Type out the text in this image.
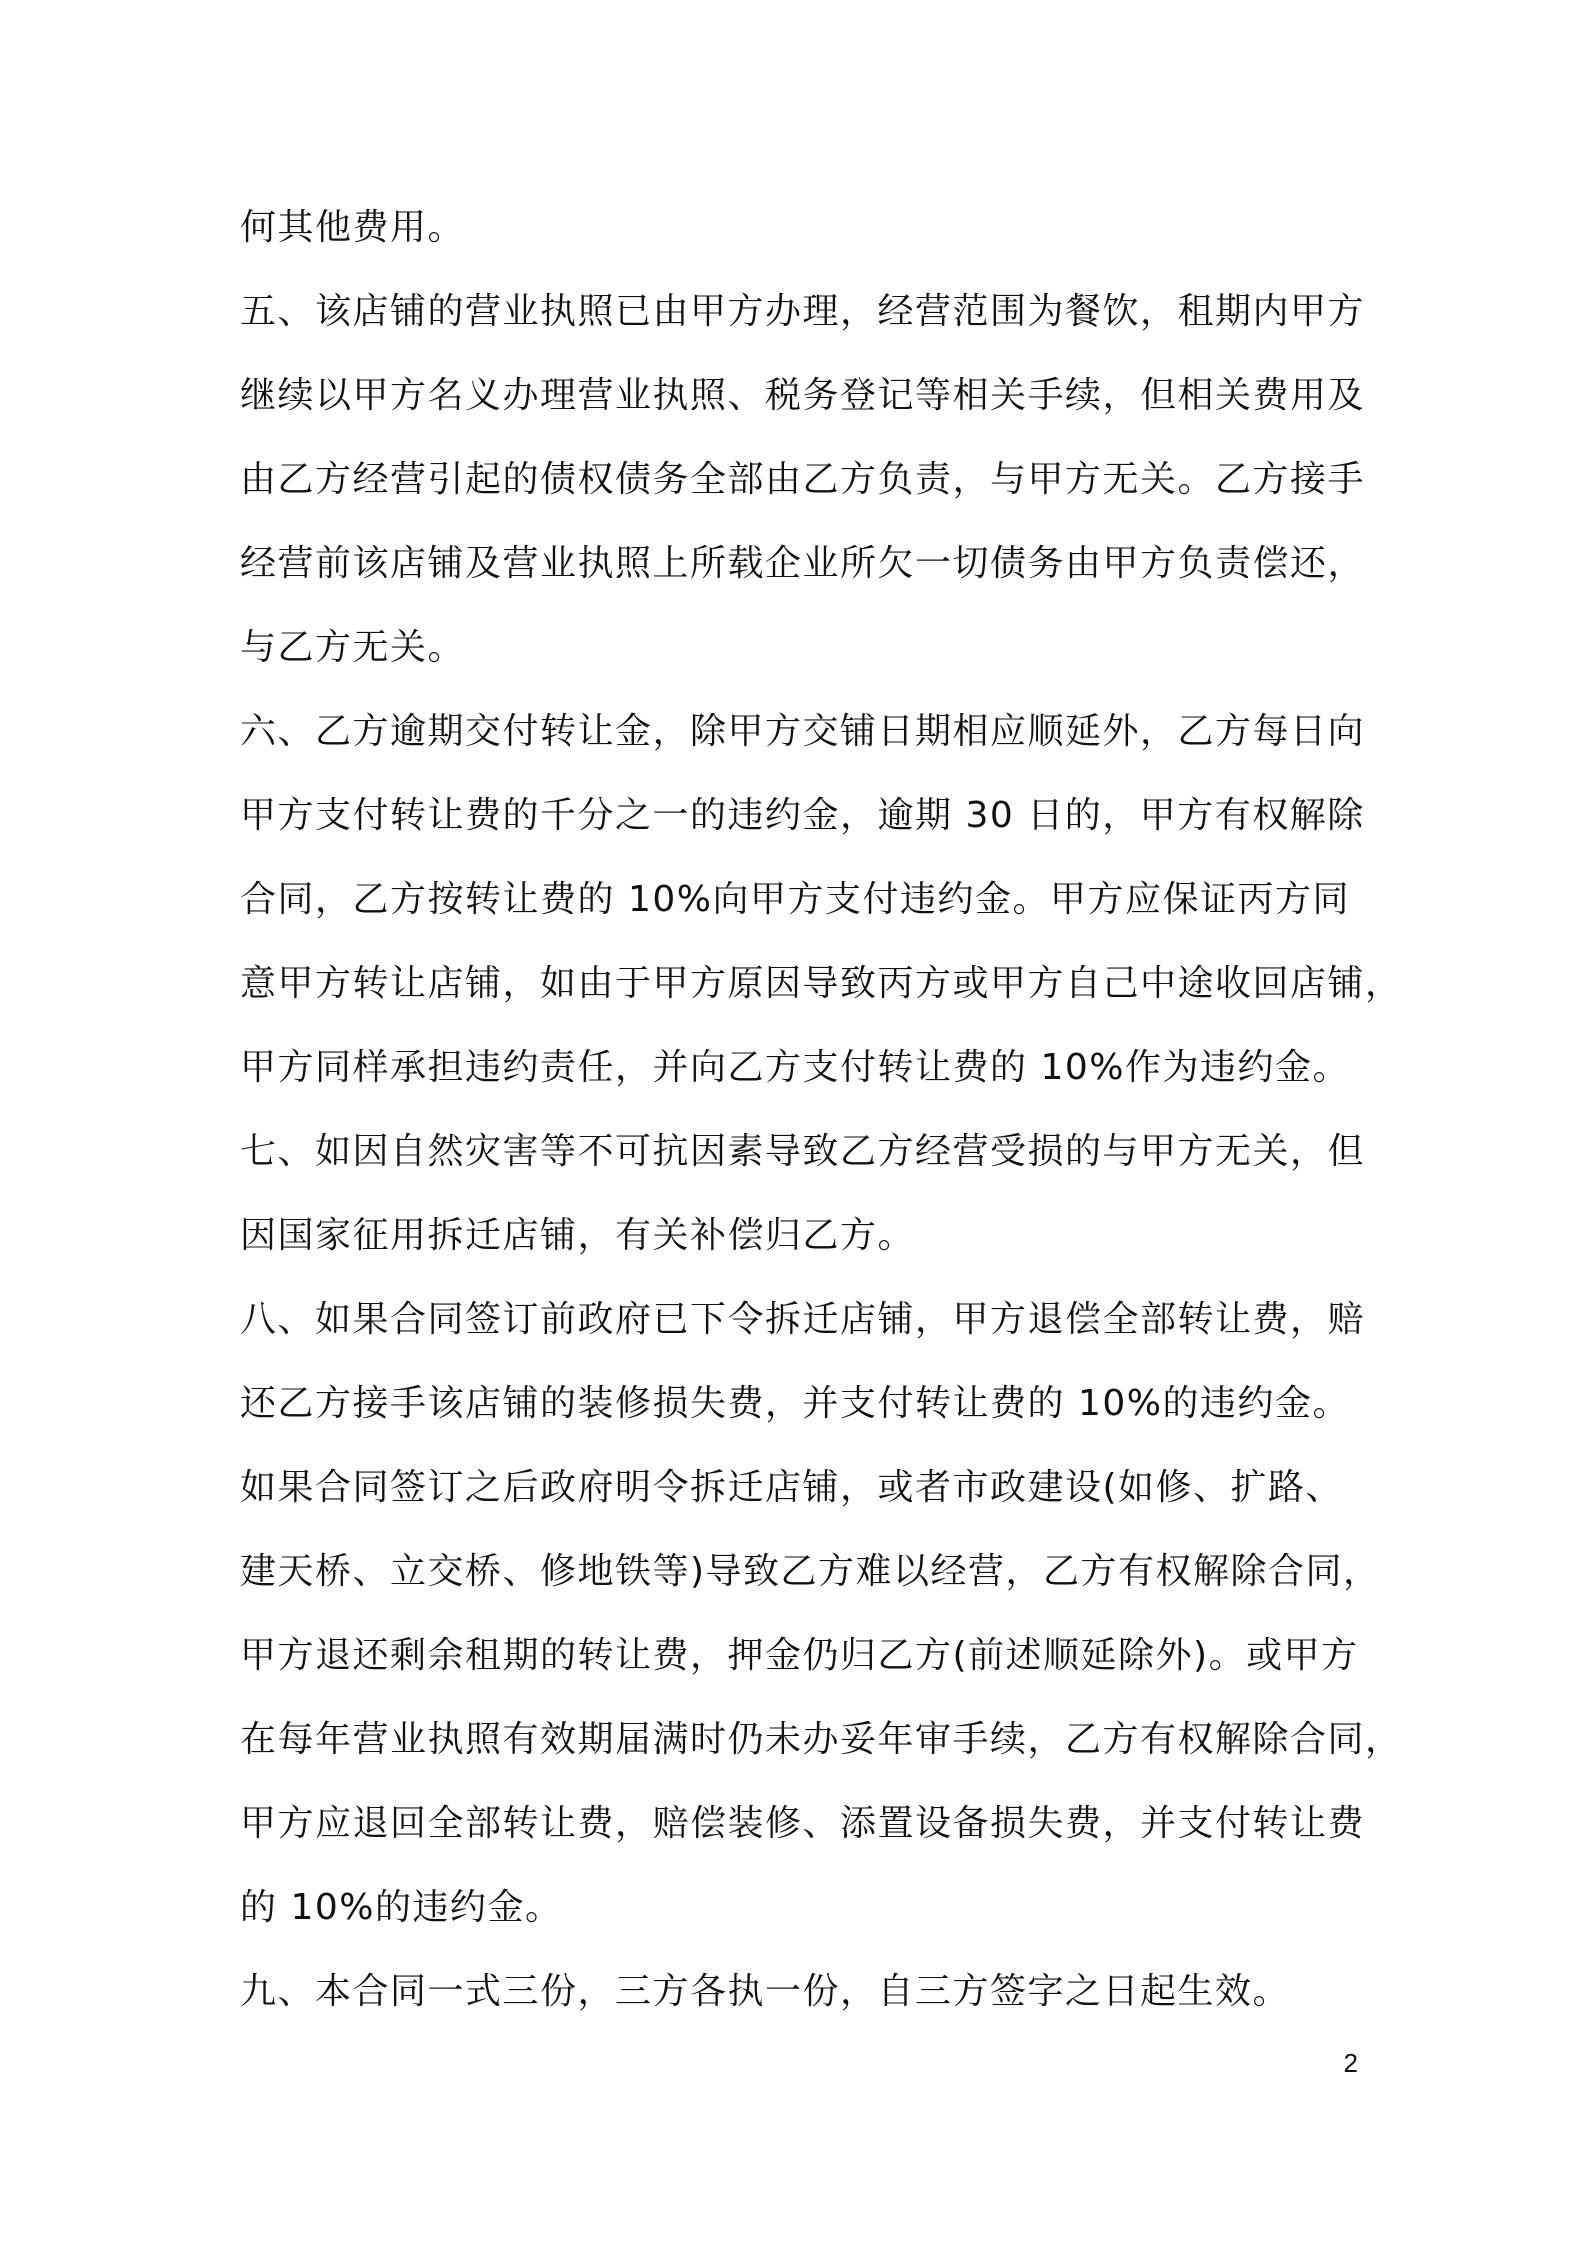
何其他费用。
五、该店铺的营业执照已由甲方办理，经营范围为餐饮，租期内甲方
继续以甲方名义办理营业执照、税务登记等相关手续，但相关费用及
由乙方经营引起的债权债务全部由乙方负责，与甲方无关。乙方接手
经营前该店铺及营业执照上所载企业所欠一切债务由甲方负责偿还，
与乙方无关。
六、乙方逾期交付转让金，除甲方交铺日期相应顺延外，乙方每日向
甲方支付转让费的千分之一的违约金，逾期 30 日的，甲方有权解除
合同，乙方按转让费的 10%向甲方支付违约金。甲方应保证丙方同
意甲方转让店铺，如由于甲方原因导致丙方或甲方自己中途收回店铺，
甲方同样承担违约责任，并向乙方支付转让费的 10%作为违约金。
七、如因自然灾害等不可抗因素导致乙方经营受损的与甲方无关，但
因国家征用拆迁店铺，有关补偿归乙方。
八、如果合同签订前政府已下令拆迁店铺，甲方退偿全部转让费，赔
还乙方接手该店铺的装修损失费，并支付转让费的 10%的违约金。
如果合同签订之后政府明令拆迁店铺，或者市政建设(如修、扩路、
建天桥、立交桥、修地铁等)导致乙方难以经营，乙方有权解除合同，
甲方退还剩余租期的转让费，押金仍归乙方(前述顺延除外)。或甲方
在每年营业执照有效期届满时仍未办妥年审手续，乙方有权解除合同，
甲方应退回全部转让费，赔偿装修、添置设备损失费，并支付转让费
的 10%的违约金。
九、本合同一式三份，三方各执一份，自三方签字之日起生效。
2
